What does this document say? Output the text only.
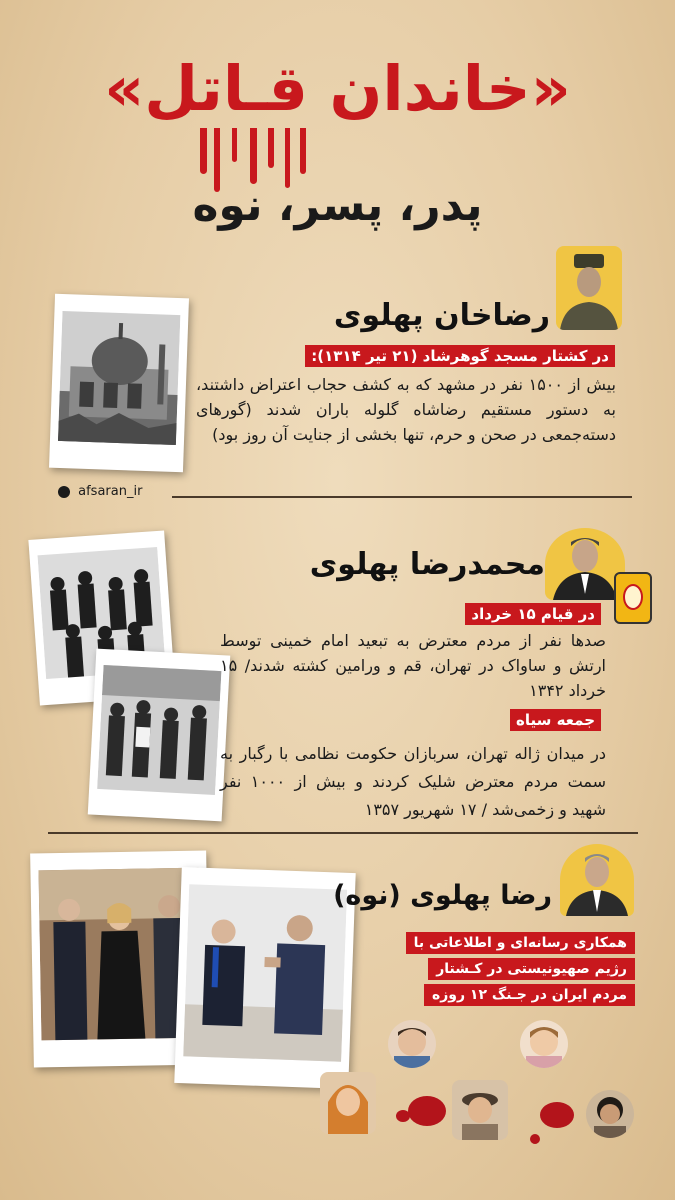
«خاندان قـاتل»
پدر، پسر، نوه
رضاخان پهلوی
در کشتار مسجد گوهرشاد (۲۱ تیر ۱۳۱۴):
بیش از ۱۵۰۰ نفر در مشهد که به کشف حجاب اعتراض داشتند، به دستور مستقیم رضاشاه گلوله باران شدند (گورهای دسته‌جمعی در صحن و حرم، تنها بخشی از جنایت آن روز بود)
afsaran_ir
محمدرضا پهلوی
در قیام ۱۵ خرداد
صدها نفر از مردم معترض به تبعید امام خمینی توسط ارتش و ساواک در تهران، قم و ورامین کشته شدند/ ۱۵ خرداد ۱۳۴۲
جمعه سیاه
در میدان ژاله تهران، سربازان حکومت نظامی با رگبار به سمت مردم معترض شلیک کردند و بیش از ۱۰۰۰ نفر شهید و زخمی‌شد / ۱۷ شهریور ۱۳۵۷
رضا پهلوی (نوه)
همکاری رسانه‌ای و اطلاعاتی با
رژیم صهیونیستی در کـشتار
مردم ایران در جـنگ ۱۲ روزه
